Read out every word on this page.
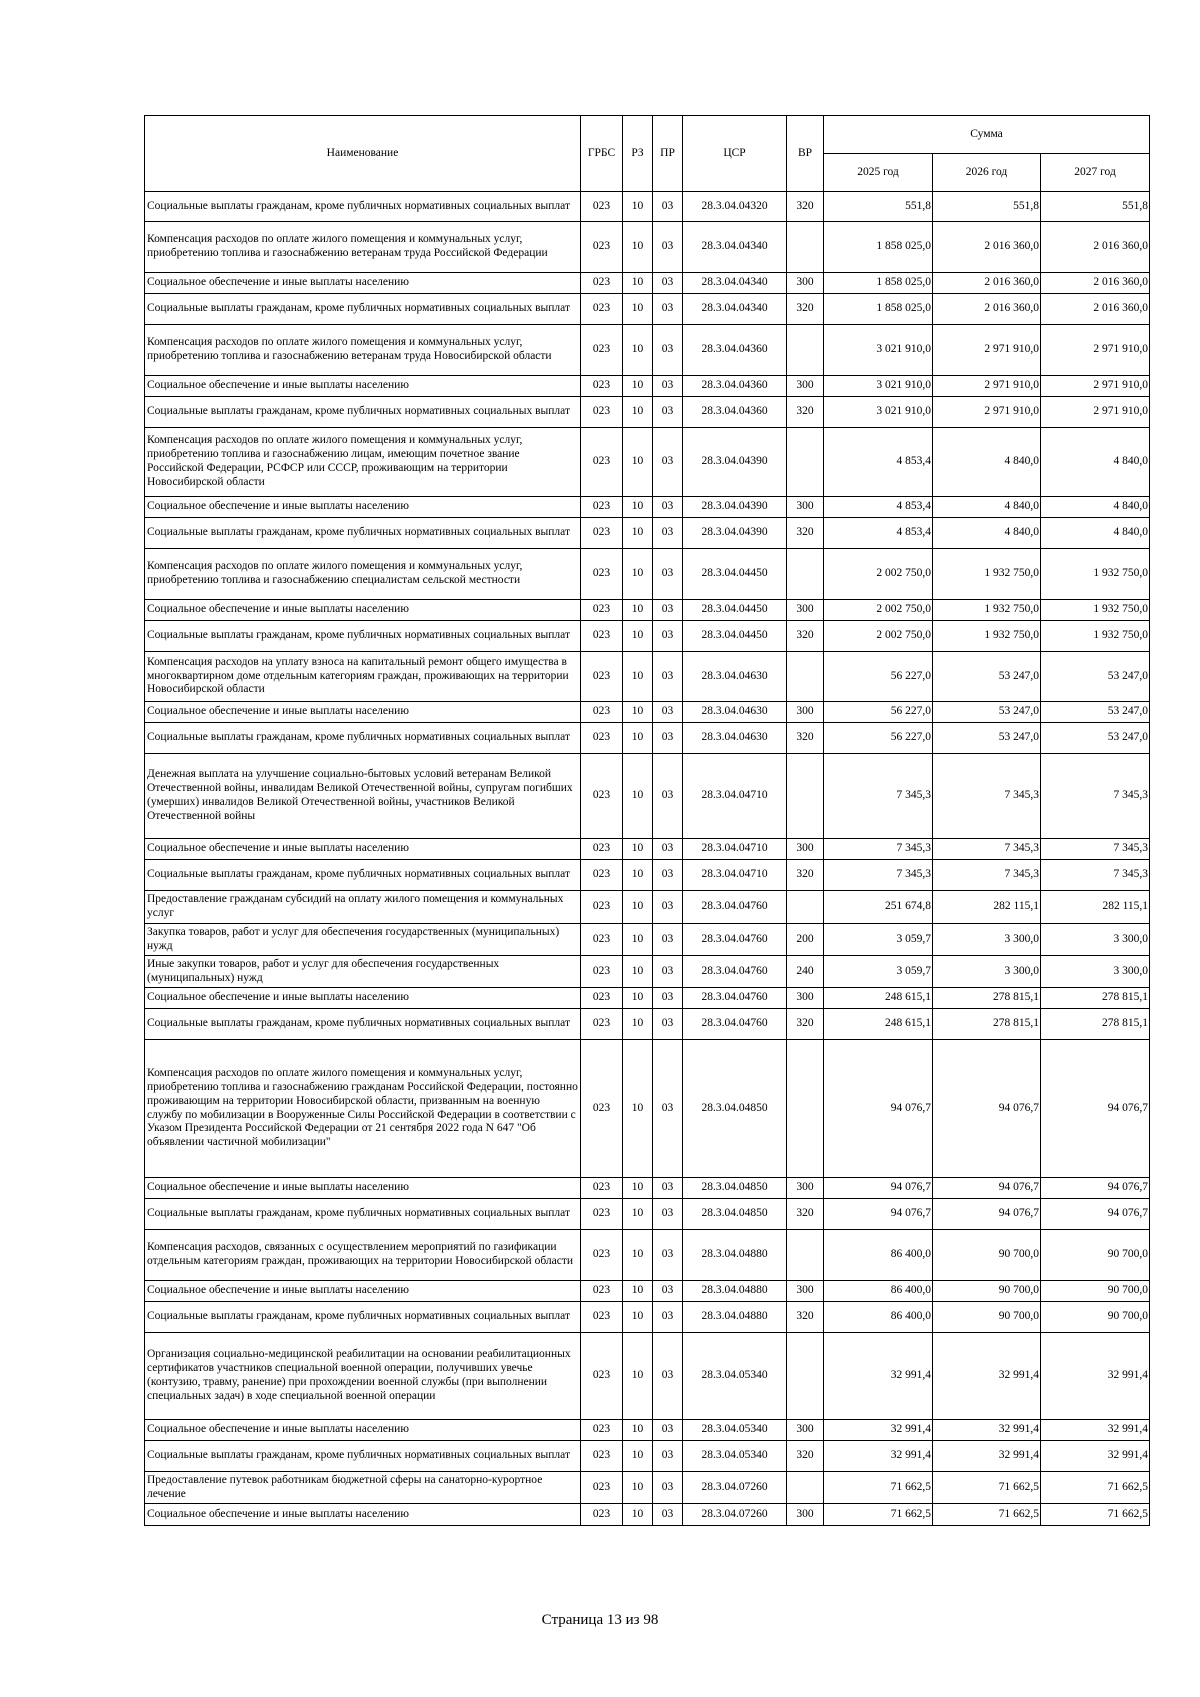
Наименование	ГРБС	РЗ	ПР	ЦСР	ВР	Сумма		
						2025 год	2026 год	2027 год
Социальные выплаты гражданам, кроме публичных нормативных социальных выплат	023	10	03	28.3.04.04320	320	551,8	551,8	551,8
Компенсация расходов по оплате жилого помещения и коммунальных услуг, приобретению топлива и газоснабжению ветеранам труда Российской Федерации	023	10	03	28.3.04.04340		1 858 025,0	2 016 360,0	2 016 360,0
Социальное обеспечение и иные выплаты населению	023	10	03	28.3.04.04340	300	1 858 025,0	2 016 360,0	2 016 360,0
Социальные выплаты гражданам, кроме публичных нормативных социальных выплат	023	10	03	28.3.04.04340	320	1 858 025,0	2 016 360,0	2 016 360,0
Компенсация расходов по оплате жилого помещения и коммунальных услуг, приобретению топлива и газоснабжению ветеранам труда Новосибирской области	023	10	03	28.3.04.04360		3 021 910,0	2 971 910,0	2 971 910,0
Социальное обеспечение и иные выплаты населению	023	10	03	28.3.04.04360	300	3 021 910,0	2 971 910,0	2 971 910,0
Социальные выплаты гражданам, кроме публичных нормативных социальных выплат	023	10	03	28.3.04.04360	320	3 021 910,0	2 971 910,0	2 971 910,0
Компенсация расходов по оплате жилого помещения и коммунальных услуг, приобретению топлива и газоснабжению лицам, имеющим почетное звание Российской Федерации, РСФСР или СССР, проживающим на территории Новосибирской области	023	10	03	28.3.04.04390		4 853,4	4 840,0	4 840,0
Социальное обеспечение и иные выплаты населению	023	10	03	28.3.04.04390	300	4 853,4	4 840,0	4 840,0
Социальные выплаты гражданам, кроме публичных нормативных социальных выплат	023	10	03	28.3.04.04390	320	4 853,4	4 840,0	4 840,0
Компенсация расходов по оплате жилого помещения и коммунальных услуг, приобретению топлива и газоснабжению специалистам сельской местности	023	10	03	28.3.04.04450		2 002 750,0	1 932 750,0	1 932 750,0
Социальное обеспечение и иные выплаты населению	023	10	03	28.3.04.04450	300	2 002 750,0	1 932 750,0	1 932 750,0
Социальные выплаты гражданам, кроме публичных нормативных социальных выплат	023	10	03	28.3.04.04450	320	2 002 750,0	1 932 750,0	1 932 750,0
Компенсация расходов на уплату взноса на капитальный ремонт общего имущества в многоквартирном доме отдельным категориям граждан, проживающих на территории Новосибирской области	023	10	03	28.3.04.04630		56 227,0	53 247,0	53 247,0
Социальное обеспечение и иные выплаты населению	023	10	03	28.3.04.04630	300	56 227,0	53 247,0	53 247,0
Социальные выплаты гражданам, кроме публичных нормативных социальных выплат	023	10	03	28.3.04.04630	320	56 227,0	53 247,0	53 247,0
Денежная выплата на улучшение социально-бытовых условий ветеранам Великой Отечественной войны, инвалидам Великой Отечественной войны, супругам погибших (умерших) инвалидов Великой Отечественной войны, участников Великой Отечественной войны	023	10	03	28.3.04.04710		7 345,3	7 345,3	7 345,3
Социальное обеспечение и иные выплаты населению	023	10	03	28.3.04.04710	300	7 345,3	7 345,3	7 345,3
Социальные выплаты гражданам, кроме публичных нормативных социальных выплат	023	10	03	28.3.04.04710	320	7 345,3	7 345,3	7 345,3
Предоставление гражданам субсидий на оплату жилого помещения и коммунальных услуг	023	10	03	28.3.04.04760		251 674,8	282 115,1	282 115,1
Закупка товаров, работ и услуг для обеспечения государственных (муниципальных) нужд	023	10	03	28.3.04.04760	200	3 059,7	3 300,0	3 300,0
Иные закупки товаров, работ и услуг для обеспечения государственных (муниципальных) нужд	023	10	03	28.3.04.04760	240	3 059,7	3 300,0	3 300,0
Социальное обеспечение и иные выплаты населению	023	10	03	28.3.04.04760	300	248 615,1	278 815,1	278 815,1
Социальные выплаты гражданам, кроме публичных нормативных социальных выплат	023	10	03	28.3.04.04760	320	248 615,1	278 815,1	278 815,1
Компенсация расходов по оплате жилого помещения и коммунальных услуг, приобретению топлива и газоснабжению гражданам Российской Федерации, постоянно проживающим на территории Новосибирской области, призванным на военную службу по мобилизации в Вооруженные Силы Российской Федерации в соответствии с Указом Президента Российской Федерации от 21 сентября 2022 года N 647 "Об объявлении частичной мобилизации"	023	10	03	28.3.04.04850		94 076,7	94 076,7	94 076,7
Социальное обеспечение и иные выплаты населению	023	10	03	28.3.04.04850	300	94 076,7	94 076,7	94 076,7
Социальные выплаты гражданам, кроме публичных нормативных социальных выплат	023	10	03	28.3.04.04850	320	94 076,7	94 076,7	94 076,7
Компенсация расходов, связанных с осуществлением мероприятий по газификации отдельным категориям граждан, проживающих на территории Новосибирской области	023	10	03	28.3.04.04880		86 400,0	90 700,0	90 700,0
Социальное обеспечение и иные выплаты населению	023	10	03	28.3.04.04880	300	86 400,0	90 700,0	90 700,0
Социальные выплаты гражданам, кроме публичных нормативных социальных выплат	023	10	03	28.3.04.04880	320	86 400,0	90 700,0	90 700,0
Организация социально-медицинской реабилитации на основании реабилитационных сертификатов участников специальной военной операции, получивших увечье (контузию, травму, ранение) при прохождении военной службы (при выполнении специальных задач) в ходе специальной военной операции	023	10	03	28.3.04.05340		32 991,4	32 991,4	32 991,4
Социальное обеспечение и иные выплаты населению	023	10	03	28.3.04.05340	300	32 991,4	32 991,4	32 991,4
Социальные выплаты гражданам, кроме публичных нормативных социальных выплат	023	10	03	28.3.04.05340	320	32 991,4	32 991,4	32 991,4
Предоставление путевок работникам бюджетной сферы на санаторно-курортное лечение	023	10	03	28.3.04.07260		71 662,5	71 662,5	71 662,5
Социальное обеспечение и иные выплаты населению	023	10	03	28.3.04.07260	300	71 662,5	71 662,5	71 662,5
Страница 13 из 98
